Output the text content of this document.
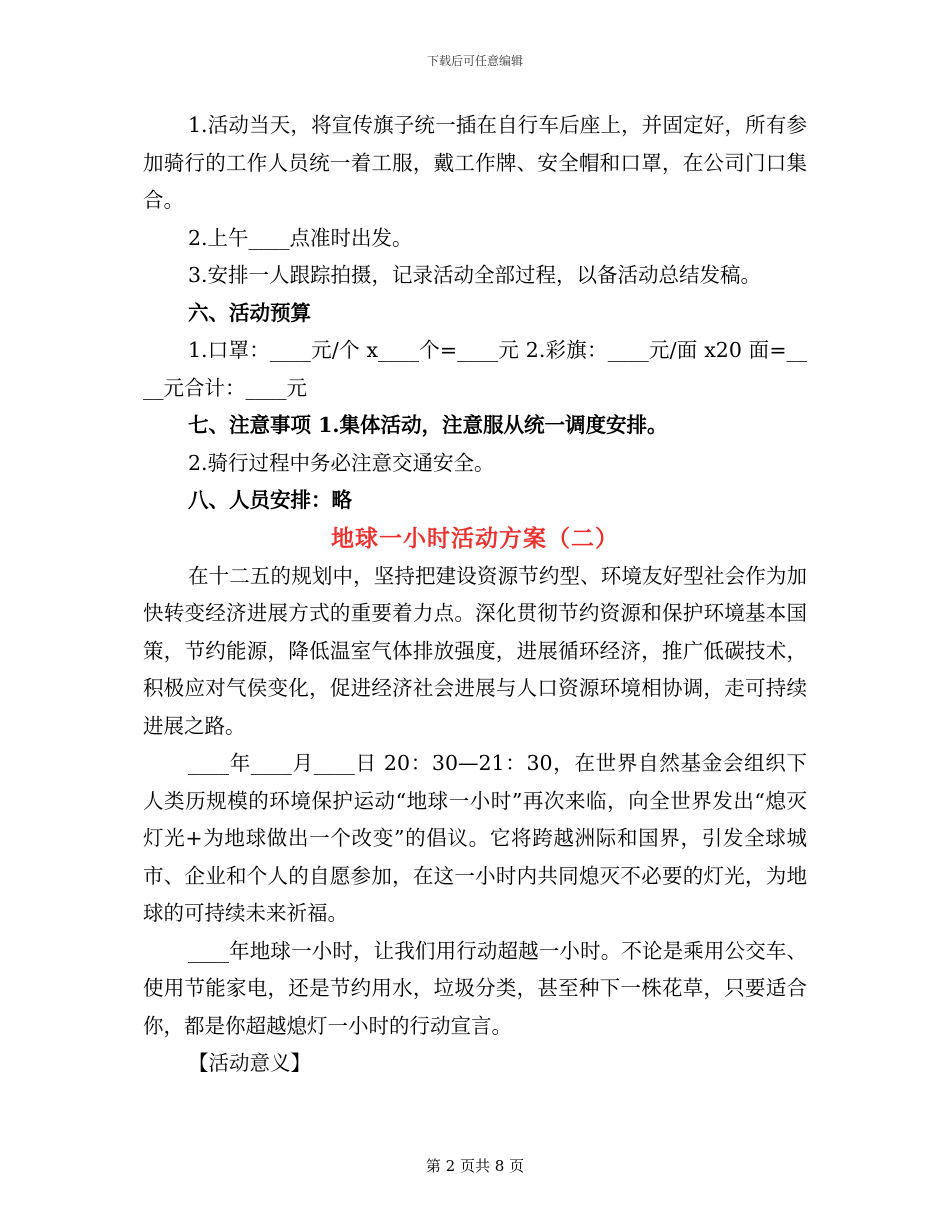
下载后可任意编辑

1.活动当天，将宣传旗子统一插在自行车后座上，并固定好，所有参加骑行的工作人员统一着工服，戴工作牌、安全帽和口罩，在公司门口集合。

2.上午____点准时出发。

3.安排一人跟踪拍摄，记录活动全部过程，以备活动总结发稿。

六、活动预算

1.口罩：____元/个 x____个=____元 2.彩旗：____元/面 x20 面=____元合计：____元

七、注意事项 1.集体活动，注意服从统一调度安排。

2.骑行过程中务必注意交通安全。

八、人员安排：略

地球一小时活动方案（二）

在十二五的规划中，坚持把建设资源节约型、环境友好型社会作为加快转变经济进展方式的重要着力点。深化贯彻节约资源和保护环境基本国策，节约能源，降低温室气体排放强度，进展循环经济，推广低碳技术，积极应对气侯变化，促进经济社会进展与人口资源环境相协调，走可持续进展之路。

____年____月____日 20：30—21：30，在世界自然基金会组织下人类历规模的环境保护运动“地球一小时”再次来临，向全世界发出“熄灭灯光+为地球做出一个改变”的倡议。它将跨越洲际和国界，引发全球城市、企业和个人的自愿参加，在这一小时内共同熄灭不必要的灯光，为地球的可持续未来祈福。

____年地球一小时，让我们用行动超越一小时。不论是乘用公交车、使用节能家电，还是节约用水，垃圾分类，甚至种下一株花草，只要适合你，都是你超越熄灯一小时的行动宣言。

【活动意义】

第 2 页共 8 页
